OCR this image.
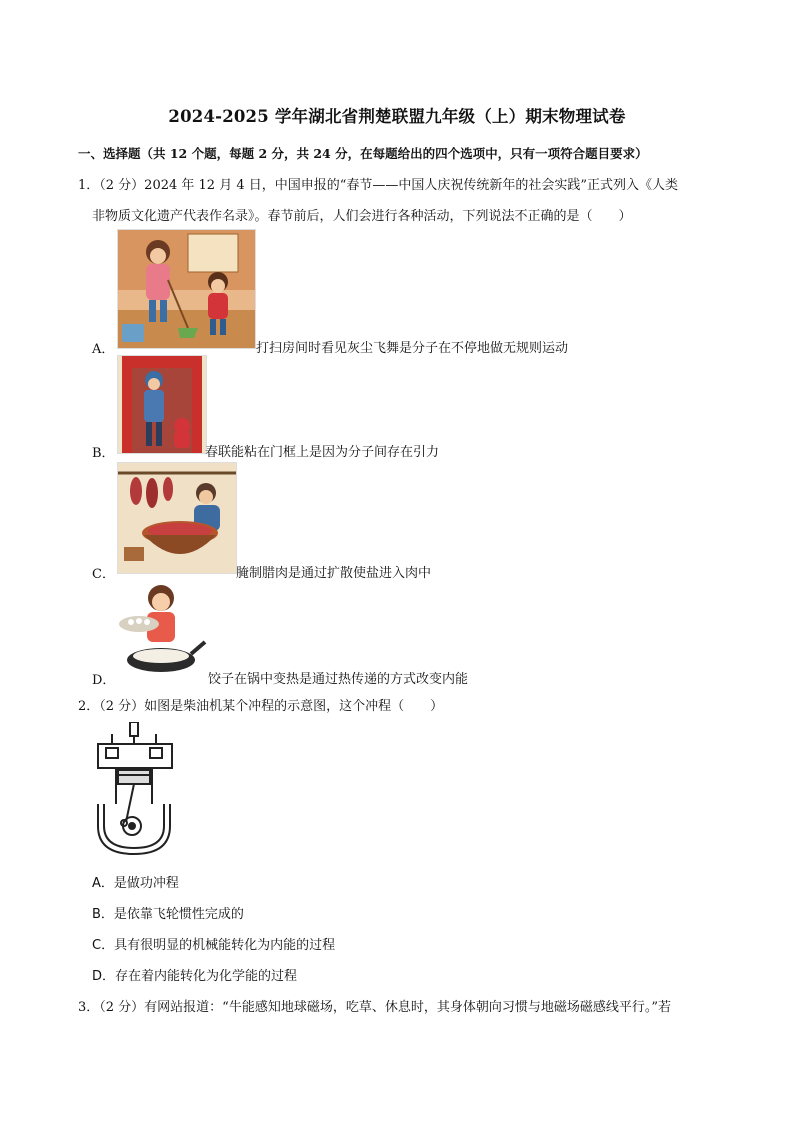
2024-2025 学年湖北省荆楚联盟九年级（上）期末物理试卷
一、选择题（共 12 个题，每题 2 分，共 24 分，在每题给出的四个选项中，只有一项符合题目要求）
1．（2 分）2024 年 12 月 4 日，中国申报的“春节——中国人庆祝传统新年的社会实践”正式列入《人类
非物质文化遗产代表作名录》。春节前后，人们会进行各种活动，下列说法不正确的是（　　）
A．	打扫房间时看见灰尘飞舞是分子在不停地做无规则运动
B．	春联能粘在门框上是因为分子间存在引力
C．	腌制腊肉是通过扩散使盐进入肉中
D．	饺子在锅中变热是通过热传递的方式改变内能
2．（2 分）如图是柴油机某个冲程的示意图，这个冲程（　　）
A．是做功冲程
B．是依靠飞轮惯性完成的
C．具有很明显的机械能转化为内能的过程
D．存在着内能转化为化学能的过程
3．（2 分）有网站报道：“牛能感知地球磁场，吃草、休息时，其身体朝向习惯与地磁场磁感线平行。”若
